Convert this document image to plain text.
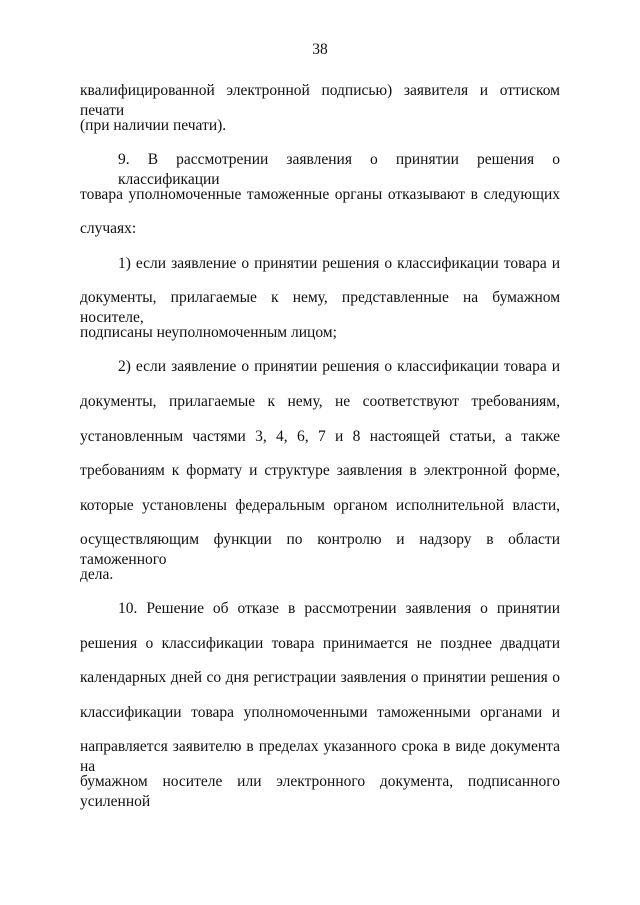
38
квалифицированной электронной подписью) заявителя и оттиском печати
(при наличии печати).
9. В рассмотрении заявления о принятии решения о классификации
товара уполномоченные таможенные органы отказывают в следующих
случаях:
1) если заявление о принятии решения о классификации товара и
документы, прилагаемые к нему, представленные на бумажном носителе,
подписаны неуполномоченным лицом;
2) если заявление о принятии решения о классификации товара и
документы, прилагаемые к нему, не соответствуют требованиям,
установленным частями 3, 4, 6, 7 и 8 настоящей статьи, а также
требованиям к формату и структуре заявления в электронной форме,
которые установлены федеральным органом исполнительной власти,
осуществляющим функции по контролю и надзору в области таможенного
дела.
10. Решение об отказе в рассмотрении заявления о принятии
решения о классификации товара принимается не позднее двадцати
календарных дней со дня регистрации заявления о принятии решения о
классификации товара уполномоченными таможенными органами и
направляется заявителю в пределах указанного срока в виде документа на
бумажном носителе или электронного документа, подписанного усиленной
